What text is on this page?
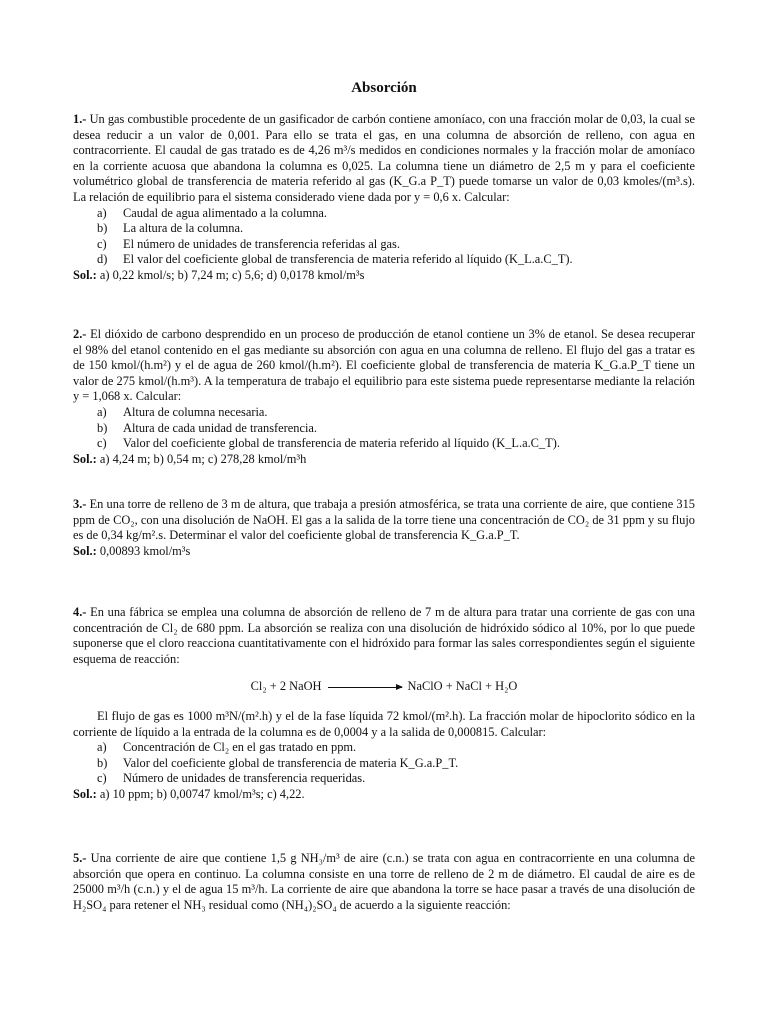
Absorción

1.- Un gas combustible procedente de un gasificador de carbón contiene amoníaco, con una fracción molar de 0,03, la cual se desea reducir a un valor de 0,001. Para ello se trata el gas, en una columna de absorción de relleno, con agua en contracorriente. El caudal de gas tratado es de 4,26 m³/s medidos en condiciones normales y la fracción molar de amoníaco en la corriente acuosa que abandona la columna es 0,025. La columna tiene un diámetro de 2,5 m y para el coeficiente volumétrico global de transferencia de materia referido al gas (K_G.a P_T) puede tomarse un valor de 0,03 kmoles/(m³.s). La relación de equilibrio para el sistema considerado viene dada por y = 0,6 x. Calcular:

a) Caudal de agua alimentado a la columna.
b) La altura de la columna.
c) El número de unidades de transferencia referidas al gas.
d) El valor del coeficiente global de transferencia de materia referido al líquido (K_L.a.C_T).

Sol.: a) 0,22 kmol/s; b) 7,24 m; c) 5,6; d) 0,0178 kmol/m³s

2.- El dióxido de carbono desprendido en un proceso de producción de etanol contiene un 3% de etanol. Se desea recuperar el 98% del etanol contenido en el gas mediante su absorción con agua en una columna de relleno. El flujo del gas a tratar es de 150 kmol/(h.m²) y el de agua de 260 kmol/(h.m²). El coeficiente global de transferencia de materia K_G.a.P_T tiene un valor de 275 kmol/(h.m³). A la temperatura de trabajo el equilibrio para este sistema puede representarse mediante la relación y = 1,068 x. Calcular:

a) Altura de columna necesaria.
b) Altura de cada unidad de transferencia.
c) Valor del coeficiente global de transferencia de materia referido al líquido (K_L.a.C_T).

Sol.: a) 4,24 m; b) 0,54 m; c) 278,28 kmol/m³h

3.- En una torre de relleno de 3 m de altura, que trabaja a presión atmosférica, se trata una corriente de aire, que contiene 315 ppm de CO₂, con una disolución de NaOH. El gas a la salida de la torre tiene una concentración de CO₂ de 31 ppm y su flujo es de 0,34 kg/m².s. Determinar el valor del coeficiente global de transferencia K_G.a.P_T.

Sol.: 0,00893 kmol/m³s

4.- En una fábrica se emplea una columna de absorción de relleno de 7 m de altura para tratar una corriente de gas con una concentración de Cl₂ de 680 ppm. La absorción se realiza con una disolución de hidróxido sódico al 10%, por lo que puede suponerse que el cloro reacciona cuantitativamente con el hidróxido para formar las sales correspondientes según el siguiente esquema de reacción:

Cl₂ + 2 NaOH	NaClO + NaCl + H₂O

El flujo de gas es 1000 m³N/(m².h) y el de la fase líquida 72 kmol/(m².h). La fracción molar de hipoclorito sódico en la corriente de líquido a la entrada de la columna es de 0,0004 y a la salida de 0,000815. Calcular:

a) Concentración de Cl₂ en el gas tratado en ppm.
b) Valor del coeficiente global de transferencia de materia K_G.a.P_T.
c) Número de unidades de transferencia requeridas.

Sol.: a) 10 ppm; b) 0,00747 kmol/m³s; c) 4,22.

5.- Una corriente de aire que contiene 1,5 g NH₃/m³ de aire (c.n.) se trata con agua en contracorriente en una columna de absorción que opera en continuo. La columna consiste en una torre de relleno de 2 m de diámetro. El caudal de aire es de 25000 m³/h (c.n.) y el de agua 15 m³/h. La corriente de aire que abandona la torre se hace pasar a través de una disolución de H₂SO₄ para retener el NH₃ residual como (NH₄)₂SO₄ de acuerdo a la siguiente reacción:
